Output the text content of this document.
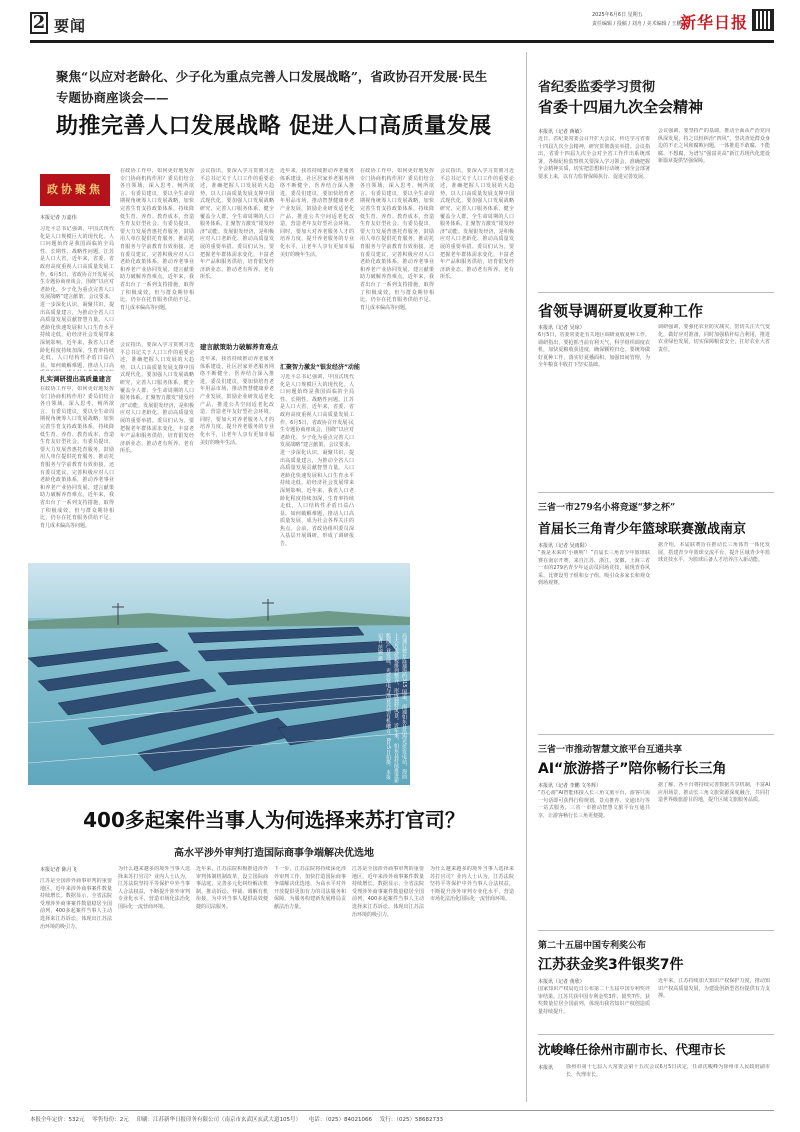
2 要闻
2025年6月6日 星期五
责任编辑 / 投稿 / 刘舟 / 美术编辑 / 王鹏
新华日报
聚焦“以应对老龄化、少子化为重点完善人口发展战略”，省政协召开发展·民生专题协商座谈会——
助推完善人口发展战略 促进人口高质量发展
政协聚焦
本报记者 万嘉伟
习近平总书记强调，中国式现代化是人口规模巨大的现代化。人口问题始终是我国面临的全局性、长期性、战略性问题。江苏是人口大省，近年来，省委、省政府高度重视人口高质量发展工作。6月5日，省政协召开发展·民生专题协商座谈会，围绕“以应对老龄化、少子化为重点完善人口发展战略”建言献策。会议要求，进一步深化认识，凝聚共识，提出高质量建言，为推动全省人口高质量发展贡献智慧力量。人口老龄化快速发展和人口生育水平持续走低，给经济社会发展带来深刻影响。近年来，我省人口老龄化程度持续加深，生育率持续走低，人口结构性矛盾日益凸显。如何破解难题，推动人口高
扎实调研提出高质量建言
在政协工作中，如何更好地发挥专门协商机构作用？委员们结合各自领域，深入思考，畅所欲言。有委员建议，要以全生命周期视角统筹人口发展战略，加快完善生育支持政策体系，持续降低生育、养育、教育成本，营造生育友好型社会。有委员提出，要大力发展普惠托育服务，鼓励用人单位提供托育服务，推动托育服务与学前教育有效衔接。还有委员建议，完善积极应对人口老龄化政策体系，推动养老事业和养老产业协同发展。建言献策助力破解养育难点。近年来，我省出台了一系列支持措施，取得了积极成效。但与群众期待相比，仍存在托育服务供给不足、育儿成本偏高等问题。
在政协工作中，如何更好地发挥专门协商机构作用？委员们结合各自领域，深入思考，畅所欲言。有委员建议，要以全生命周期视角统筹人口发展战略，加快完善生育支持政策体系，持续降低生育、养育、教育成本，营造生育友好型社会。有委员提出，要大力发展普惠托育服务，鼓励用人单位提供托育服务，推动托育服务与学前教育有效衔接。还有委员建议，完善积极应对人口老龄化政策体系，推动养老事业和养老产业协同发展。建言献策助力破解养育难点。近年来，我省出台了一系列支持措施，取得了积极成效。但与群众期待相比，仍存在托育服务供给不足、育儿成本偏高等问题。
建言献策助力破解养育难点
会议指出，要深入学习贯彻习近平总书记关于人口工作的重要论述，准确把握人口发展的大趋势，以人口高质量发展支撑中国式现代化。要加强人口发展战略研究，完善人口服务体系，健全覆盖全人群、全生命周期的人口服务体系。汇聚智力激发“银发经济”动能。发展银发经济，是积极应对人口老龄化、推动高质量发展的重要举措。委员们认为，要把握老年群体需求变化，丰富老年产品和服务供给，培育银发经济新业态，推动老有所养、老有所乐。
会议指出，要深入学习贯彻习近平总书记关于人口工作的重要论述，准确把握人口发展的大趋势，以人口高质量发展支撑中国式现代化。要加强人口发展战略研究，完善人口服务体系，健全覆盖全人群、全生命周期的人口服务体系。汇聚智力激发“银发经济”动能。发展银发经济，是积极应对人口老龄化、推动高质量发展的重要举措。委员们认为，要把握老年群体需求变化，丰富老年产品和服务供给，培育银发经济新业态，推动老有所养、老有所乐。
近年来，我省持续推动养老服务体系建设，社区居家养老服务网络不断健全，医养结合深入推进。委员们建议，要加快培育老年用品市场，推动智慧健康养老产业发展，鼓励企业研发适老化产品，推进公共空间适老化改造，营造老年友好型社会环境。同时，要加大对养老服务人才的培养力度，提升养老服务的专业化水平，让老年人享有更加幸福美好的晚年生活。
近年来，我省持续推动养老服务体系建设，社区居家养老服务网络不断健全，医养结合深入推进。委员们建议，要加快培育老年用品市场，推动智慧健康养老产业发展，鼓励企业研发适老化产品，推进公共空间适老化改造，营造老年友好型社会环境。同时，要加大对养老服务人才的培养力度，提升养老服务的专业化水平，让老年人享有更加幸福美好的晚年生活。
汇聚智力激发“银发经济”动能
习近平总书记强调，中国式现代化是人口规模巨大的现代化。人口问题始终是我国面临的全局性、长期性、战略性问题。江苏是人口大省，近年来，省委、省政府高度重视人口高质量发展工作。6月5日，省政协召开发展·民生专题协商座谈会，围绕“以应对老龄化、少子化为重点完善人口发展战略”建言献策。会议要求，进一步深化认识，凝聚共识，提出高质量建言，为推动全省人口高质量发展贡献智慧力量。人口老龄化快速发展和人口生育水平持续走低，给经济社会发展带来深刻影响。近年来，我省人口老龄化程度持续加深，生育率持续走低，人口结构性矛盾日益凸显。如何破解难题，推动人口高质量发展，成为社会各界关注的焦点。会前，省政协组织委员深入基层开展调研，形成了调研报告。
在政协工作中，如何更好地发挥专门协商机构作用？委员们结合各自领域，深入思考，畅所欲言。有委员建议，要以全生命周期视角统筹人口发展战略，加快完善生育支持政策体系，持续降低生育、养育、教育成本，营造生育友好型社会。有委员提出，要大力发展普惠托育服务，鼓励用人单位提供托育服务，推动托育服务与学前教育有效衔接。还有委员建议，完善积极应对人口老龄化政策体系，推动养老事业和养老产业协同发展。建言献策助力破解养育难点。近年来，我省出台了一系列支持措施，取得了积极成效。但与群众期待相比，仍存在托育服务供给不足、育儿成本偏高等问题。
会议指出，要深入学习贯彻习近平总书记关于人口工作的重要论述，准确把握人口发展的大趋势，以人口高质量发展支撑中国式现代化。要加强人口发展战略研究，完善人口服务体系，健全覆盖全人群、全生命周期的人口服务体系。汇聚智力激发“银发经济”动能。发展银发经济，是积极应对人口老龄化、推动高质量发展的重要举措。委员们认为，要把握老年群体需求变化，丰富老年产品和服务供给，培育银发经济新业态，推动老有所养、老有所乐。
高速行驶在连通海的315 国道，南通如东县沿海光伏发电站，海面上大片光伏板排列整齐，形成独特风景。近年来，如东县持续推进新能源产业发展，光伏发电与渔业养殖有机融合。6月5日拍摄。本报记者 范婉 摄
400多起案件当事人为何选择来苏打官司？
高水平涉外审判打造国际商事争端解决优选地
本报记者 陈月飞
江苏是全国涉外商事审判的重要地区，近年来涉外商事案件数量持续增长。数据显示，全省法院受理涉外商事案件数量稳居全国前列，400多起案件当事人主动选择来江苏诉讼，体现出江苏法治环境的吸引力。
为什么越来越多的境外当事人选择来苏打官司？业内人士认为，江苏法院坚持平等保护中外当事人合法权益，不断提升涉外审判专业化水平，营造市场化法治化国际化一流营商环境。
近年来，江苏法院积极推进涉外审判体制机制改革，设立国际商事法庭，完善多元化纠纷解决机制，推动诉讼、仲裁、调解有机衔接，为中外当事人提供高效便捷的司法服务。
下一步，江苏法院将持续深化涉外审判工作，加快打造国际商事争端解决优选地，为高水平对外开放提供更加有力的司法服务和保障，为服务构建新发展格局贡献法治力量。
江苏是全国涉外商事审判的重要地区，近年来涉外商事案件数量持续增长。数据显示，全省法院受理涉外商事案件数量稳居全国前列，400多起案件当事人主动选择来江苏诉讼，体现出江苏法治环境的吸引力。
为什么越来越多的境外当事人选择来苏打官司？业内人士认为，江苏法院坚持平等保护中外当事人合法权益，不断提升涉外审判专业化水平，营造市场化法治化国际化一流营商环境。
省纪委监委学习贯彻
省委十四届九次全会精神
本报讯（记者 蒋敏）
近日，省纪委常委会召开扩大会议，传达学习省委十四届九次全会精神，研究贯彻落实举措。会议指出，省委十四届九次全会对全省工作作出系统部署，各级纪检监察机关要深入学习领会，准确把握全会精神实质，切实把思想和行动统一到全会部署要求上来，以有力监督保障执行、促进完善发展。
会议强调，要坚持严的基调，推动全面从严治党向纵深发展，持之以恒纠治“四风”，坚决查处群众身边的不正之风和腐败问题，一体推进不敢腐、不能腐、不想腐，为谱写“强富美高”新江苏现代化建设新篇章提供坚强保障。
省领导调研夏收夏种工作
本报讯（记者 吴琼）
6月5日，省委常委赴有关地区调研夏收夏种工作。调研指出，要抢抓当前有利天气，科学组织调度农机，加快夏粮收获进度，确保颗粒归仓。要统筹做好夏种工作，落实好夏播面积，加强田间管理，为全年粮食丰收打下坚实基础。
调研强调，要强化农业防灾减灾，密切关注天气变化，做好应对准备，同时加强秸秆综合利用，推进农业绿色发展，切实保障粮食安全，扛好农业大省责任。
三省一市279名小将竞逐“梦之杯”
首届长三角青少年篮球联赛激战南京
本报讯（记者 吴雨阳）
“我是未来的‘小姚明’！”首届长三角青少年篮球联赛在南京开赛，来自江苏、浙江、安徽、上海三省一市的279名青少年运动员同场竞技，展现青春风采。比赛设男子组和女子组，吸引众多家长和观众到场观赛。
据介绍，本届联赛旨在推动长三角体育一体化发展，搭建青少年篮球交流平台，提升区域青少年篮球竞技水平，为篮球后备人才培养注入新动能。
三省一市推动智慧文旅平台互通共享
AI“旅游搭子”陪你畅行长三角
本报讯（记者 李鹏 文冬辉）
“苏心游”AI智能体接入长三角文旅平台，游客只需一句话即可获得行程规划、景点推荐、交通出行等一站式服务。三省一市推动智慧文旅平台互通共享，让游客畅行长三角更便捷。
据了解，各平台将持续完善数据共享机制，丰富AI应用场景，推动长三角文旅资源深度融合，共同打造世界级旅游目的地，提升区域文旅服务品质。
第二十五届中国专利奖公布
江苏获金奖3件银奖7件
本报讯（记者 黄欣）
国家知识产权局近日公布第二十五届中国专利奖评审结果。江苏共获中国专利金奖3件、银奖7件，获奖数量位居全国前列，体现出我省知识产权创造质量持续提升。
近年来，江苏持续加大知识产权保护力度，推动知识产权高质量发展，为建设创新型省份提供有力支撑。
沈峻峰任徐州市副市长、代理市长
本报讯	徐州市第十七届人大常委会第十五次会议6月5日决定，任命沈峻峰为徐州市人民政府副市长、代理市长。
本报全年定价：532元 零售每份：2元 印刷：江苏新华日报印务有限公司（南京市玄武区玄武大道105号） 电话：（025）84021066 发行：（025）58682733
